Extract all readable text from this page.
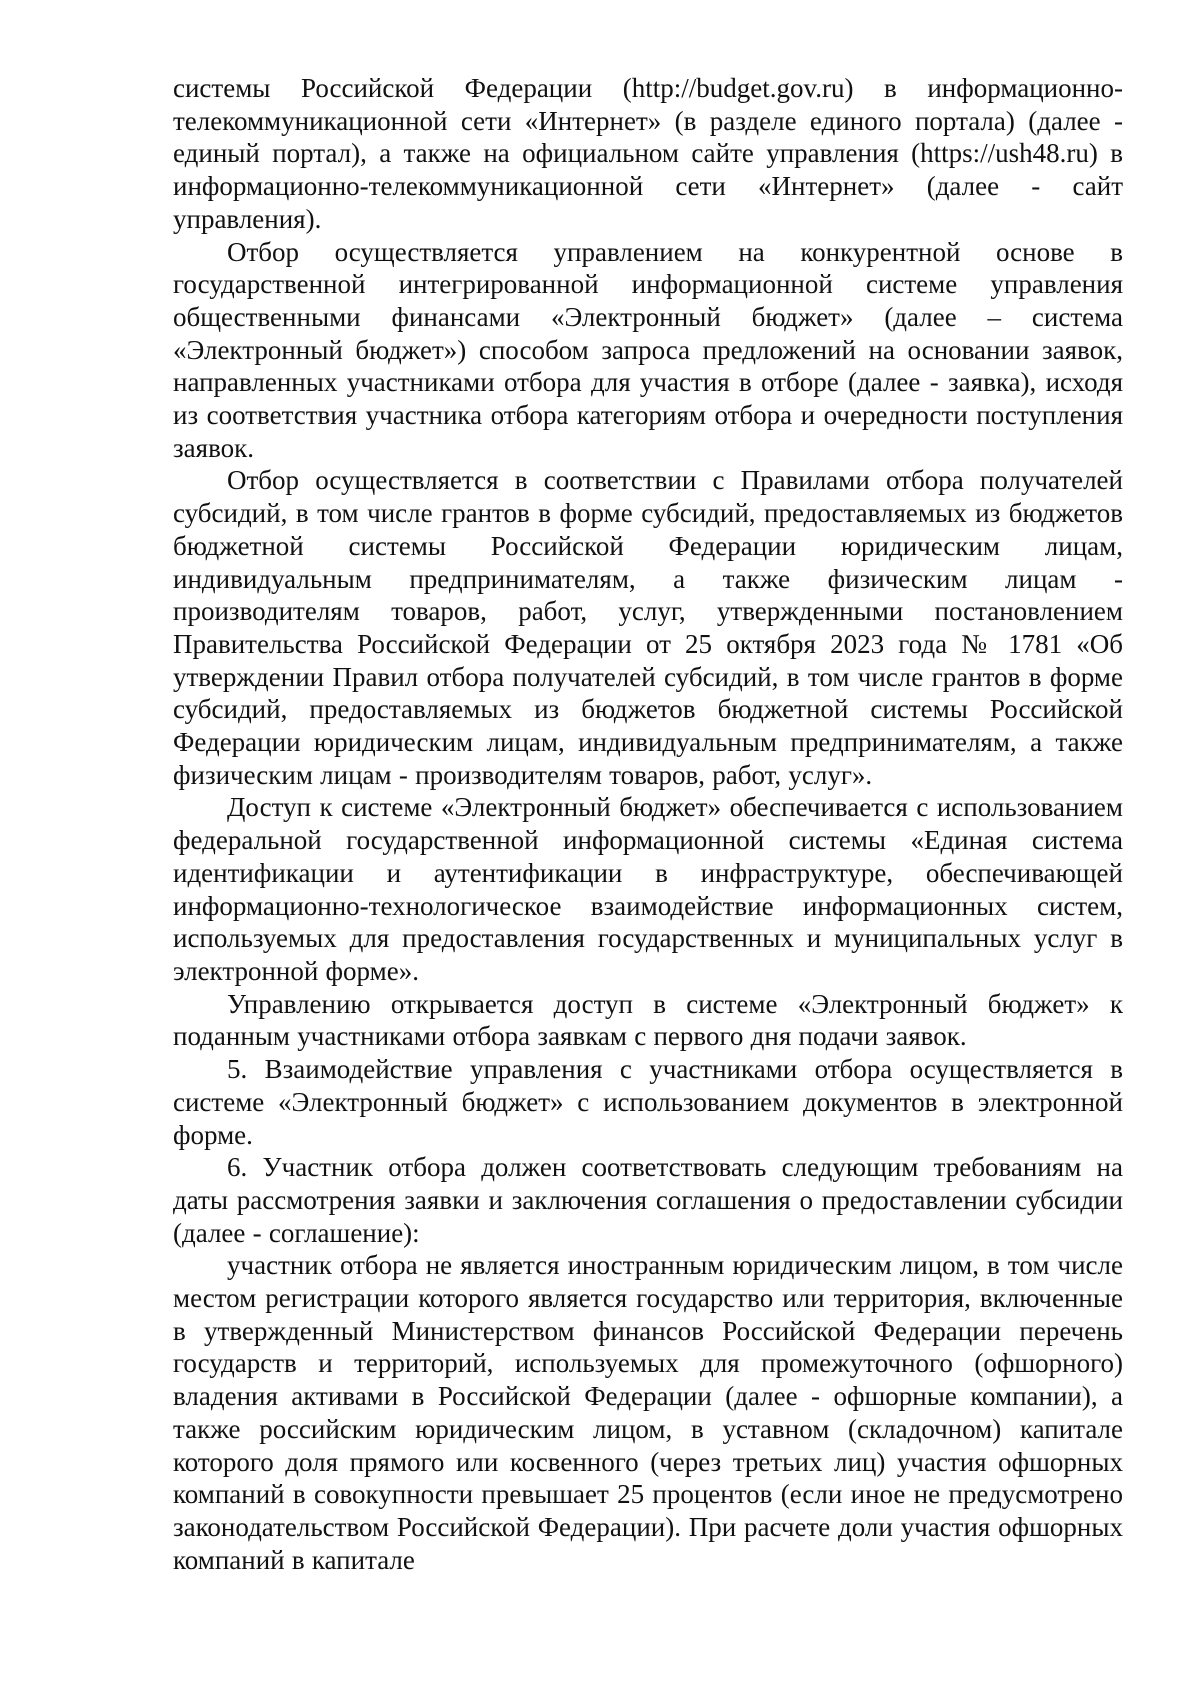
системы Российской Федерации (http://budget.gov.ru) в информационно-телекоммуникационной сети «Интернет» (в разделе единого портала) (далее - единый портал), а также на официальном сайте управления (https://ush48.ru) в информационно-телекоммуникационной сети «Интернет» (далее - сайт управления).

Отбор осуществляется управлением на конкурентной основе в государственной интегрированной информационной системе управления общественными финансами «Электронный бюджет» (далее – система «Электронный бюджет») способом запроса предложений на основании заявок, направленных участниками отбора для участия в отборе (далее - заявка), исходя из соответствия участника отбора категориям отбора и очередности поступления заявок.

Отбор осуществляется в соответствии с Правилами отбора получателей субсидий, в том числе грантов в форме субсидий, предоставляемых из бюджетов бюджетной системы Российской Федерации юридическим лицам, индивидуальным предпринимателям, а также физическим лицам - производителям товаров, работ, услуг, утвержденными постановлением Правительства Российской Федерации от 25 октября 2023 года № 1781 «Об утверждении Правил отбора получателей субсидий, в том числе грантов в форме субсидий, предоставляемых из бюджетов бюджетной системы Российской Федерации юридическим лицам, индивидуальным предпринимателям, а также физическим лицам - производителям товаров, работ, услуг».

Доступ к системе «Электронный бюджет» обеспечивается с использованием федеральной государственной информационной системы «Единая система идентификации и аутентификации в инфраструктуре, обеспечивающей информационно-технологическое взаимодействие информационных систем, используемых для предоставления государственных и муниципальных услуг в электронной форме».

Управлению открывается доступ в системе «Электронный бюджет» к поданным участниками отбора заявкам с первого дня подачи заявок.

5. Взаимодействие управления с участниками отбора осуществляется в системе «Электронный бюджет» с использованием документов в электронной форме.

6. Участник отбора должен соответствовать следующим требованиям на даты рассмотрения заявки и заключения соглашения о предоставлении субсидии (далее - соглашение):

участник отбора не является иностранным юридическим лицом, в том числе местом регистрации которого является государство или территория, включенные в утвержденный Министерством финансов Российской Федерации перечень государств и территорий, используемых для промежуточного (офшорного) владения активами в Российской Федерации (далее - офшорные компании), а также российским юридическим лицом, в уставном (складочном) капитале которого доля прямого или косвенного (через третьих лиц) участия офшорных компаний в совокупности превышает 25 процентов (если иное не предусмотрено законодательством Российской Федерации). При расчете доли участия офшорных компаний в капитале
